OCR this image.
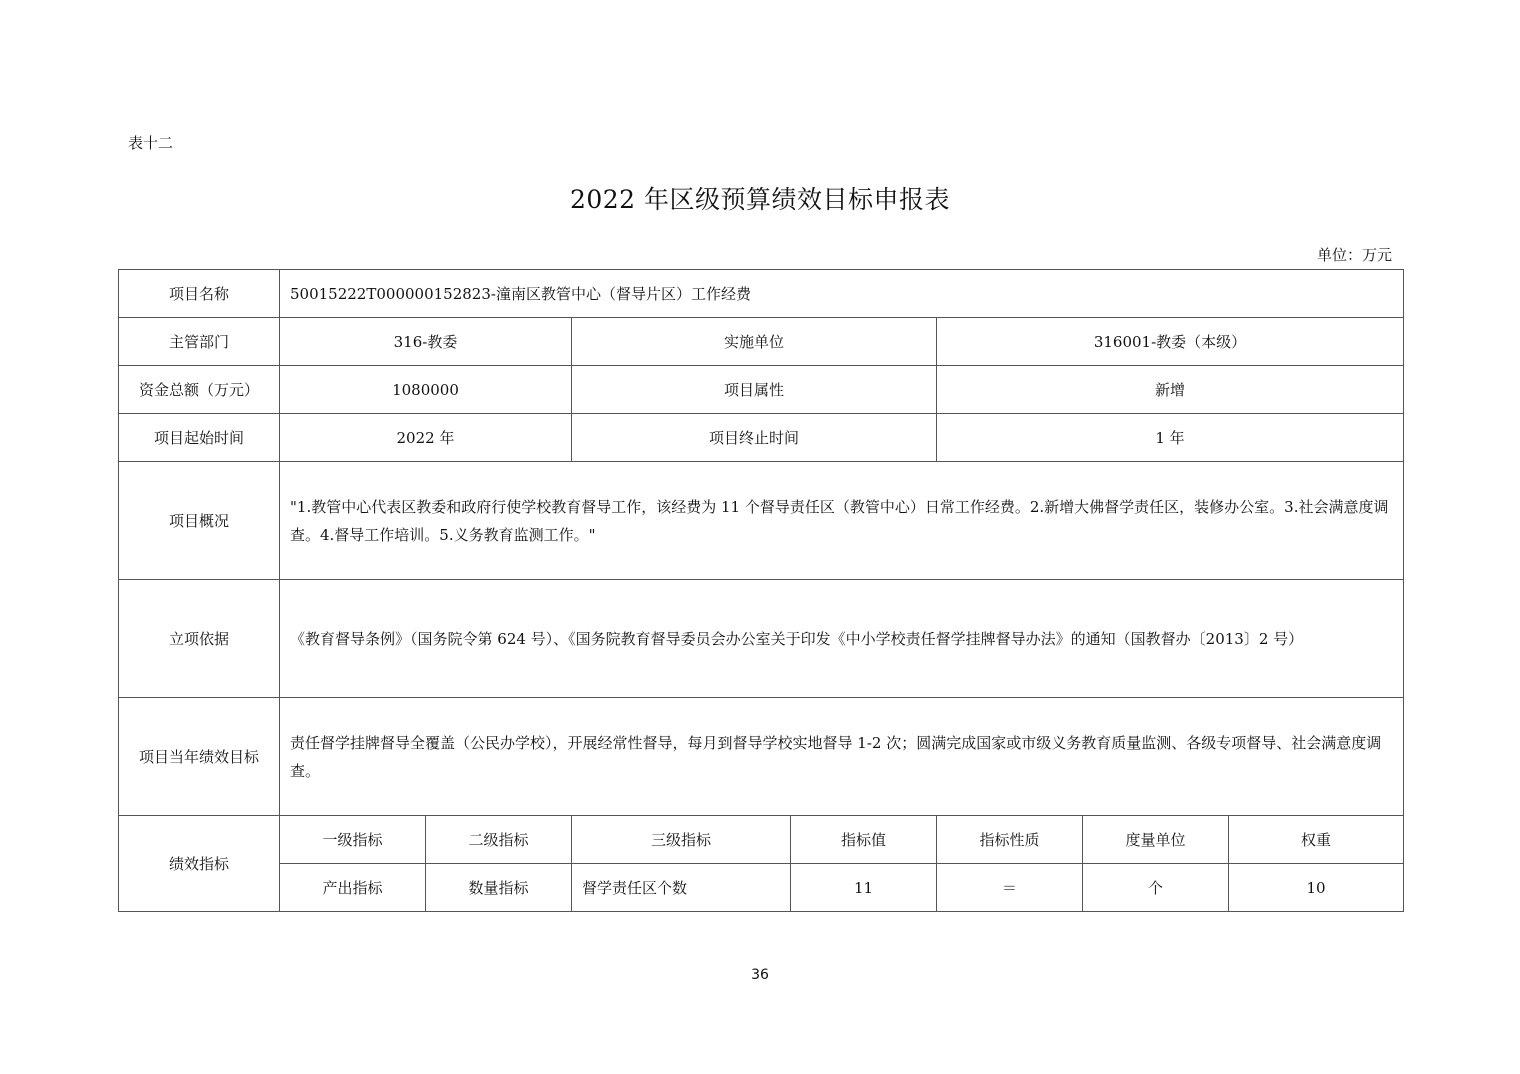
表十二
2022 年区级预算绩效目标申报表
单位：万元
项目名称	50015222T000000152823-潼南区教管中心（督导片区）工作经费						
主管部门	316-教委		实施单位		316001-教委（本级）		
资金总额（万元）	1080000		项目属性		新增		
项目起始时间	2022 年		项目终止时间		1 年		
项目概况	"1.教管中心代表区教委和政府行使学校教育督导工作，该经费为 11 个督导责任区（教管中心）日常工作经费。2.新增大佛督学责任区，装修办公室。3.社会满意度调查。4.督导工作培训。5.义务教育监测工作。"						
立项依据	《教育督导条例》（国务院令第 624 号）、《国务院教育督导委员会办公室关于印发《中小学校责任督学挂牌督导办法》的通知（国教督办〔2013〕2 号）						
项目当年绩效目标	责任督学挂牌督导全覆盖（公民办学校），开展经常性督导，每月到督导学校实地督导 1-2 次；圆满完成国家或市级义务教育质量监测、各级专项督导、社会满意度调查。						
绩效指标	一级指标	二级指标	三级指标	指标值	指标性质	度量单位	权重
	产出指标	数量指标	督学责任区个数	11	＝	个	10
36
